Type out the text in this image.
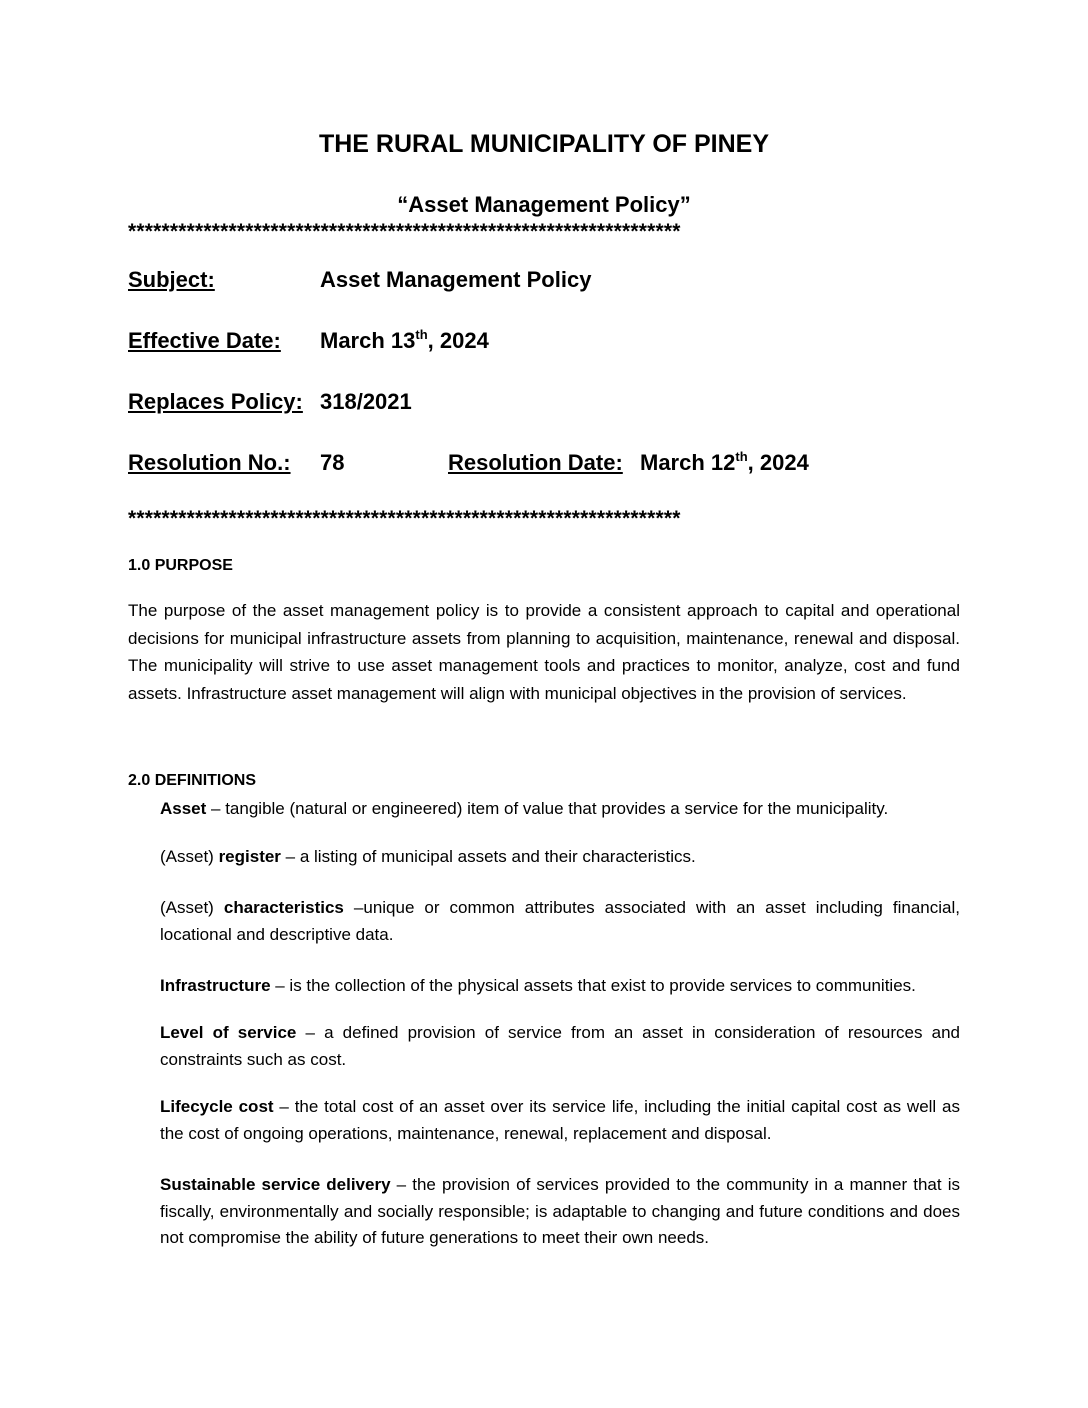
THE RURAL MUNICIPALITY OF PINEY
“Asset Management Policy”
******************************************************************
Subject:	Asset Management Policy
Effective Date: March 13th, 2024
Replaces Policy: 318/2021
Resolution No.: 78	Resolution Date: March 12th, 2024
******************************************************************
1.0 PURPOSE
The purpose of the asset management policy is to provide a consistent approach to capital and operational decisions for municipal infrastructure assets from planning to acquisition, maintenance, renewal and disposal. The municipality will strive to use asset management tools and practices to monitor, analyze, cost and fund assets. Infrastructure asset management will align with municipal objectives in the provision of services.
2.0 DEFINITIONS
Asset – tangible (natural or engineered) item of value that provides a service for the municipality.
(Asset) register – a listing of municipal assets and their characteristics.
(Asset) characteristics –unique or common attributes associated with an asset including financial, locational and descriptive data.
Infrastructure – is the collection of the physical assets that exist to provide services to communities.
Level of service – a defined provision of service from an asset in consideration of resources and constraints such as cost.
Lifecycle cost – the total cost of an asset over its service life, including the initial capital cost as well as the cost of ongoing operations, maintenance, renewal, replacement and disposal.
Sustainable service delivery – the provision of services provided to the community in a manner that is fiscally, environmentally and socially responsible; is adaptable to changing and future conditions and does not compromise the ability of future generations to meet their own needs.
